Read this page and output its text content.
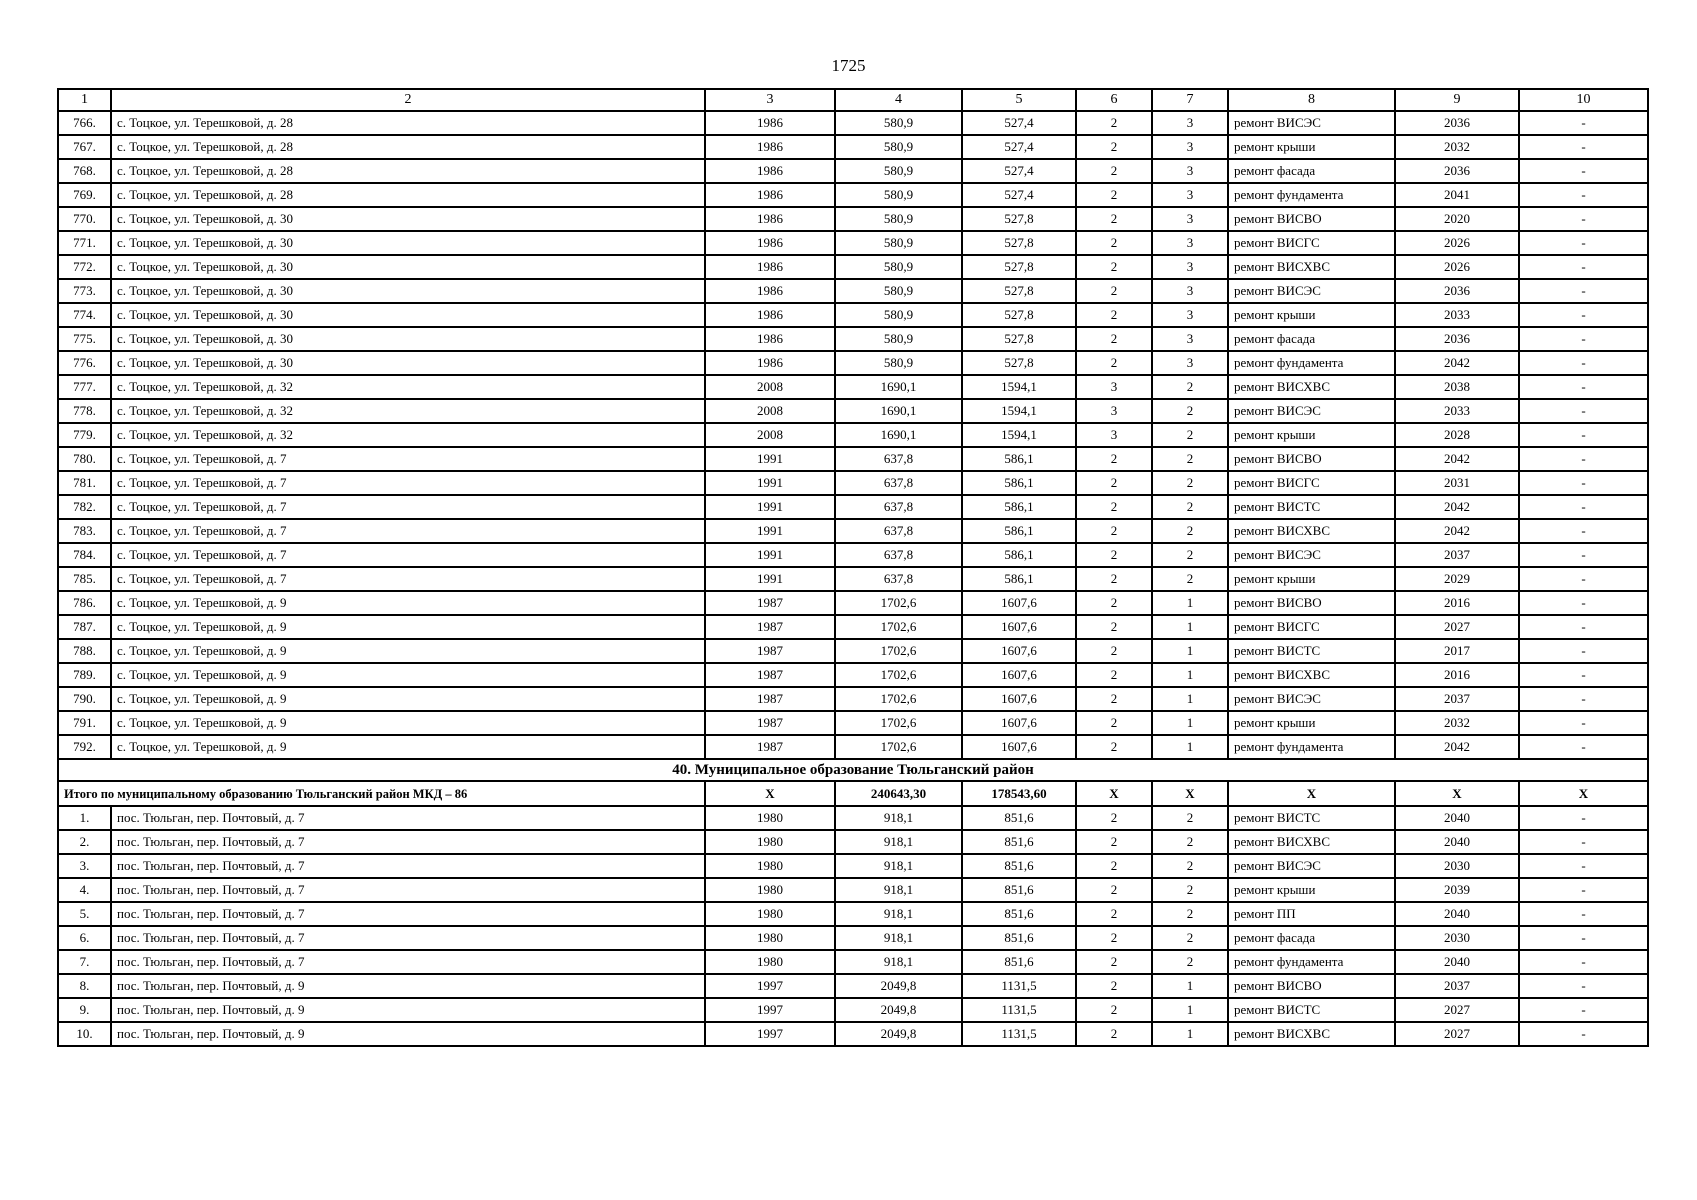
1725
1	2	3	4	5	6	7	8	9	10
766.	с. Тоцкое, ул. Терешковой, д. 28	1986	580,9	527,4	2	3	ремонт ВИСЭС	2036	-
767.	с. Тоцкое, ул. Терешковой, д. 28	1986	580,9	527,4	2	3	ремонт крыши	2032	-
768.	с. Тоцкое, ул. Терешковой, д. 28	1986	580,9	527,4	2	3	ремонт фасада	2036	-
769.	с. Тоцкое, ул. Терешковой, д. 28	1986	580,9	527,4	2	3	ремонт фундамента	2041	-
770.	с. Тоцкое, ул. Терешковой, д. 30	1986	580,9	527,8	2	3	ремонт ВИСВО	2020	-
771.	с. Тоцкое, ул. Терешковой, д. 30	1986	580,9	527,8	2	3	ремонт ВИСГС	2026	-
772.	с. Тоцкое, ул. Терешковой, д. 30	1986	580,9	527,8	2	3	ремонт ВИСХВС	2026	-
773.	с. Тоцкое, ул. Терешковой, д. 30	1986	580,9	527,8	2	3	ремонт ВИСЭС	2036	-
774.	с. Тоцкое, ул. Терешковой, д. 30	1986	580,9	527,8	2	3	ремонт крыши	2033	-
775.	с. Тоцкое, ул. Терешковой, д. 30	1986	580,9	527,8	2	3	ремонт фасада	2036	-
776.	с. Тоцкое, ул. Терешковой, д. 30	1986	580,9	527,8	2	3	ремонт фундамента	2042	-
777.	с. Тоцкое, ул. Терешковой, д. 32	2008	1690,1	1594,1	3	2	ремонт ВИСХВС	2038	-
778.	с. Тоцкое, ул. Терешковой, д. 32	2008	1690,1	1594,1	3	2	ремонт ВИСЭС	2033	-
779.	с. Тоцкое, ул. Терешковой, д. 32	2008	1690,1	1594,1	3	2	ремонт крыши	2028	-
780.	с. Тоцкое, ул. Терешковой, д. 7	1991	637,8	586,1	2	2	ремонт ВИСВО	2042	-
781.	с. Тоцкое, ул. Терешковой, д. 7	1991	637,8	586,1	2	2	ремонт ВИСГС	2031	-
782.	с. Тоцкое, ул. Терешковой, д. 7	1991	637,8	586,1	2	2	ремонт ВИСТС	2042	-
783.	с. Тоцкое, ул. Терешковой, д. 7	1991	637,8	586,1	2	2	ремонт ВИСХВС	2042	-
784.	с. Тоцкое, ул. Терешковой, д. 7	1991	637,8	586,1	2	2	ремонт ВИСЭС	2037	-
785.	с. Тоцкое, ул. Терешковой, д. 7	1991	637,8	586,1	2	2	ремонт крыши	2029	-
786.	с. Тоцкое, ул. Терешковой, д. 9	1987	1702,6	1607,6	2	1	ремонт ВИСВО	2016	-
787.	с. Тоцкое, ул. Терешковой, д. 9	1987	1702,6	1607,6	2	1	ремонт ВИСГС	2027	-
788.	с. Тоцкое, ул. Терешковой, д. 9	1987	1702,6	1607,6	2	1	ремонт ВИСТС	2017	-
789.	с. Тоцкое, ул. Терешковой, д. 9	1987	1702,6	1607,6	2	1	ремонт ВИСХВС	2016	-
790.	с. Тоцкое, ул. Терешковой, д. 9	1987	1702,6	1607,6	2	1	ремонт ВИСЭС	2037	-
791.	с. Тоцкое, ул. Терешковой, д. 9	1987	1702,6	1607,6	2	1	ремонт крыши	2032	-
792.	с. Тоцкое, ул. Терешковой, д. 9	1987	1702,6	1607,6	2	1	ремонт фундамента	2042	-
40. Муниципальное образование Тюльганский район									
Итого по муниципальному образованию Тюльганский район МКД – 86		Х	240643,30	178543,60	Х	Х	Х	Х	Х
1.	пос. Тюльган, пер. Почтовый, д. 7	1980	918,1	851,6	2	2	ремонт ВИСТС	2040	-
2.	пос. Тюльган, пер. Почтовый, д. 7	1980	918,1	851,6	2	2	ремонт ВИСХВС	2040	-
3.	пос. Тюльган, пер. Почтовый, д. 7	1980	918,1	851,6	2	2	ремонт ВИСЭС	2030	-
4.	пос. Тюльган, пер. Почтовый, д. 7	1980	918,1	851,6	2	2	ремонт крыши	2039	-
5.	пос. Тюльган, пер. Почтовый, д. 7	1980	918,1	851,6	2	2	ремонт ПП	2040	-
6.	пос. Тюльган, пер. Почтовый, д. 7	1980	918,1	851,6	2	2	ремонт фасада	2030	-
7.	пос. Тюльган, пер. Почтовый, д. 7	1980	918,1	851,6	2	2	ремонт фундамента	2040	-
8.	пос. Тюльган, пер. Почтовый, д. 9	1997	2049,8	1131,5	2	1	ремонт ВИСВО	2037	-
9.	пос. Тюльган, пер. Почтовый, д. 9	1997	2049,8	1131,5	2	1	ремонт ВИСТС	2027	-
10.	пос. Тюльган, пер. Почтовый, д. 9	1997	2049,8	1131,5	2	1	ремонт ВИСХВС	2027	-
